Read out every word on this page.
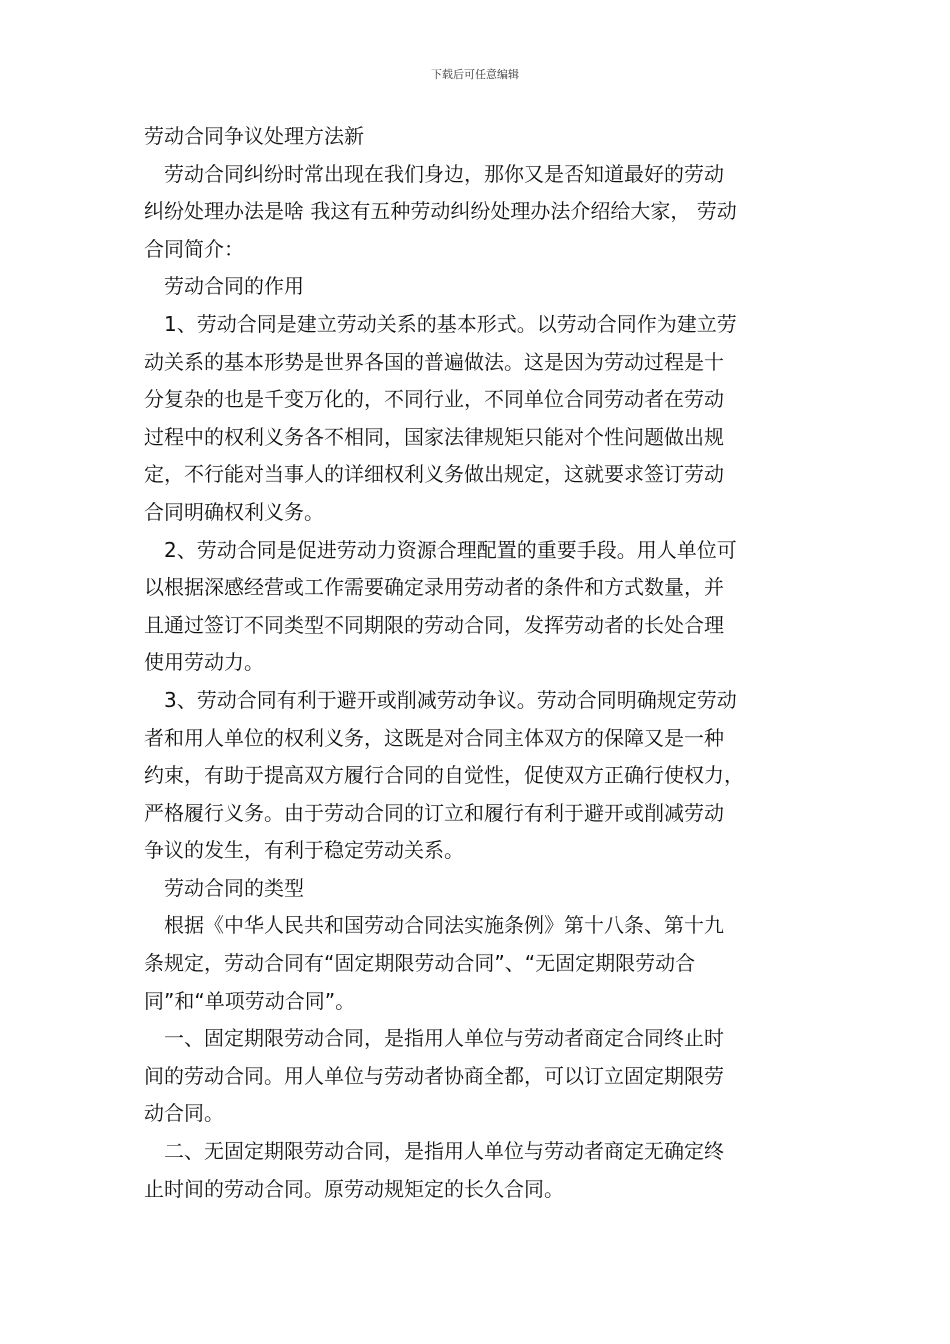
下载后可任意编辑

劳动合同争议处理方法新

劳动合同纠纷时常出现在我们身边，那你又是否知道最好的劳动

纠纷处理办法是啥 我这有五种劳动纠纷处理办法介绍给大家， 劳动

合同简介：

劳动合同的作用

1、劳动合同是建立劳动关系的基本形式。以劳动合同作为建立劳

动关系的基本形势是世界各国的普遍做法。这是因为劳动过程是十

分复杂的也是千变万化的，不同行业，不同单位合同劳动者在劳动

过程中的权利义务各不相同，国家法律规矩只能对个性问题做出规

定，不行能对当事人的详细权利义务做出规定，这就要求签订劳动

合同明确权利义务。

2、劳动合同是促进劳动力资源合理配置的重要手段。用人单位可

以根据深感经营或工作需要确定录用劳动者的条件和方式数量，并

且通过签订不同类型不同期限的劳动合同，发挥劳动者的长处合理

使用劳动力。

3、劳动合同有利于避开或削减劳动争议。劳动合同明确规定劳动

者和用人单位的权利义务，这既是对合同主体双方的保障又是一种

约束，有助于提高双方履行合同的自觉性，促使双方正确行使权力，

严格履行义务。由于劳动合同的订立和履行有利于避开或削减劳动

争议的发生，有利于稳定劳动关系。

劳动合同的类型

根据《中华人民共和国劳动合同法实施条例》第十八条、第十九

条规定，劳动合同有“固定期限劳动合同”、“无固定期限劳动合

同”和“单项劳动合同”。

一、固定期限劳动合同，是指用人单位与劳动者商定合同终止时

间的劳动合同。用人单位与劳动者协商全都，可以订立固定期限劳

动合同。

二、无固定期限劳动合同，是指用人单位与劳动者商定无确定终

止时间的劳动合同。原劳动规矩定的长久合同。
